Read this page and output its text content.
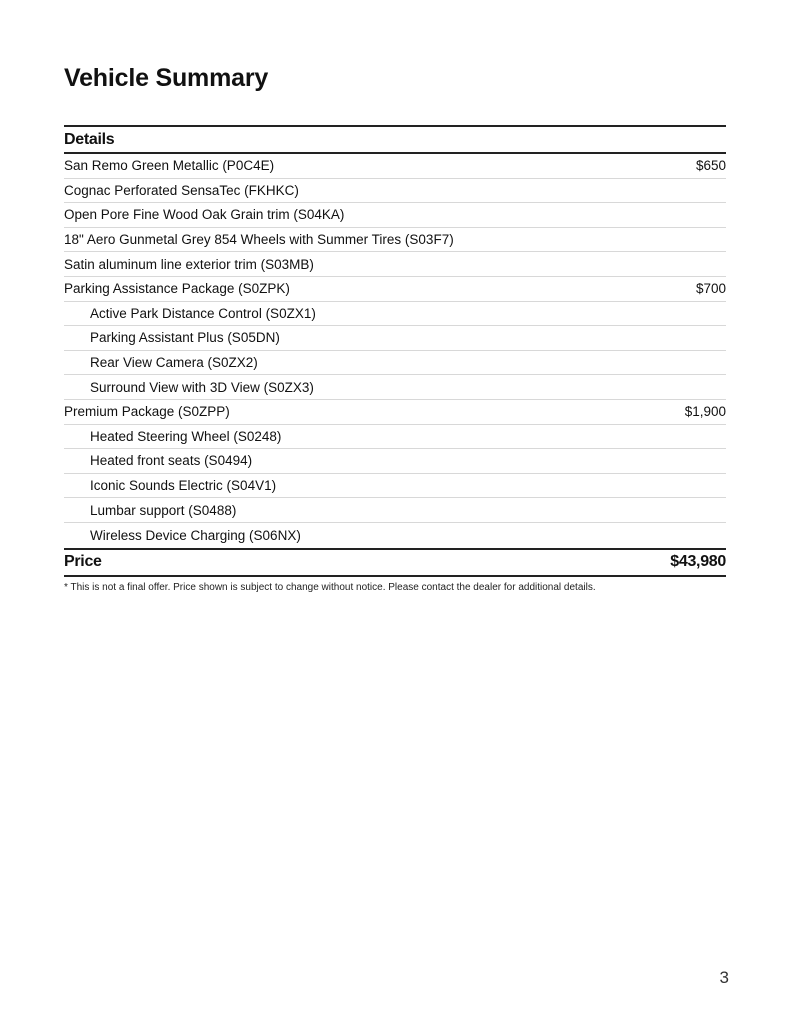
Vehicle Summary
Details
San Remo Green Metallic (P0C4E)	$650
Cognac Perforated SensaTec (FKHKC)
Open Pore Fine Wood Oak Grain trim (S04KA)
18" Aero Gunmetal Grey 854 Wheels with Summer Tires (S03F7)
Satin aluminum line exterior trim (S03MB)
Parking Assistance Package (S0ZPK)	$700
Active Park Distance Control (S0ZX1)
Parking Assistant Plus (S05DN)
Rear View Camera (S0ZX2)
Surround View with 3D View (S0ZX3)
Premium Package (S0ZPP)	$1,900
Heated Steering Wheel (S0248)
Heated front seats (S0494)
Iconic Sounds Electric (S04V1)
Lumbar support (S0488)
Wireless Device Charging (S06NX)
Price	$43,980
* This is not a final offer. Price shown is subject to change without notice. Please contact the dealer for additional details.
3
